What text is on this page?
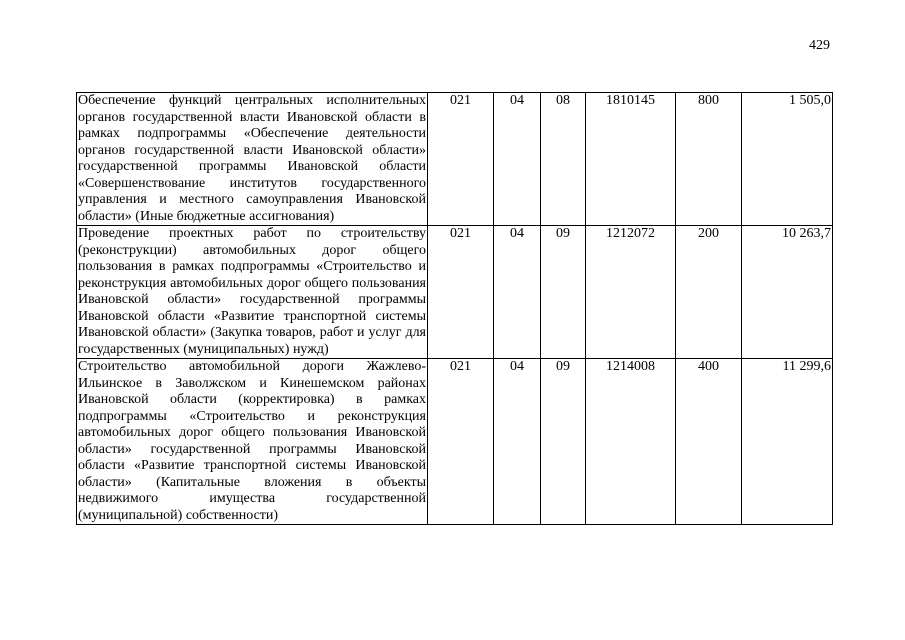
429
Обеспечение функций центральных исполнительных органов государственной власти Ивановской области в рамках подпрограммы «Обеспечение деятельности органов государственной власти Ивановской области» государственной программы Ивановской области «Совершенствование институтов государственного управления и местного самоуправления Ивановской области» (Иные бюджетные ассигнования)	021	04	08	1810145	800	1 505,0
Проведение проектных работ по строительству (реконструкции) автомобильных дорог общего пользования в рамках подпрограммы «Строительство и реконструкция автомобильных дорог общего пользования Ивановской области» государственной программы Ивановской области «Развитие транспортной системы Ивановской области» (Закупка товаров, работ и услуг для государственных (муниципальных) нужд)	021	04	09	1212072	200	10 263,7
Строительство автомобильной дороги Жажлево-Ильинское в Заволжском и Кинешемском районах Ивановской области (корректировка) в рамках подпрограммы «Строительство и реконструкция автомобильных дорог общего пользования Ивановской области» государственной программы Ивановской области «Развитие транспортной системы Ивановской области» (Капитальные вложения в объекты недвижимого имущества государственной (муниципальной) собственности)	021	04	09	1214008	400	11 299,6
